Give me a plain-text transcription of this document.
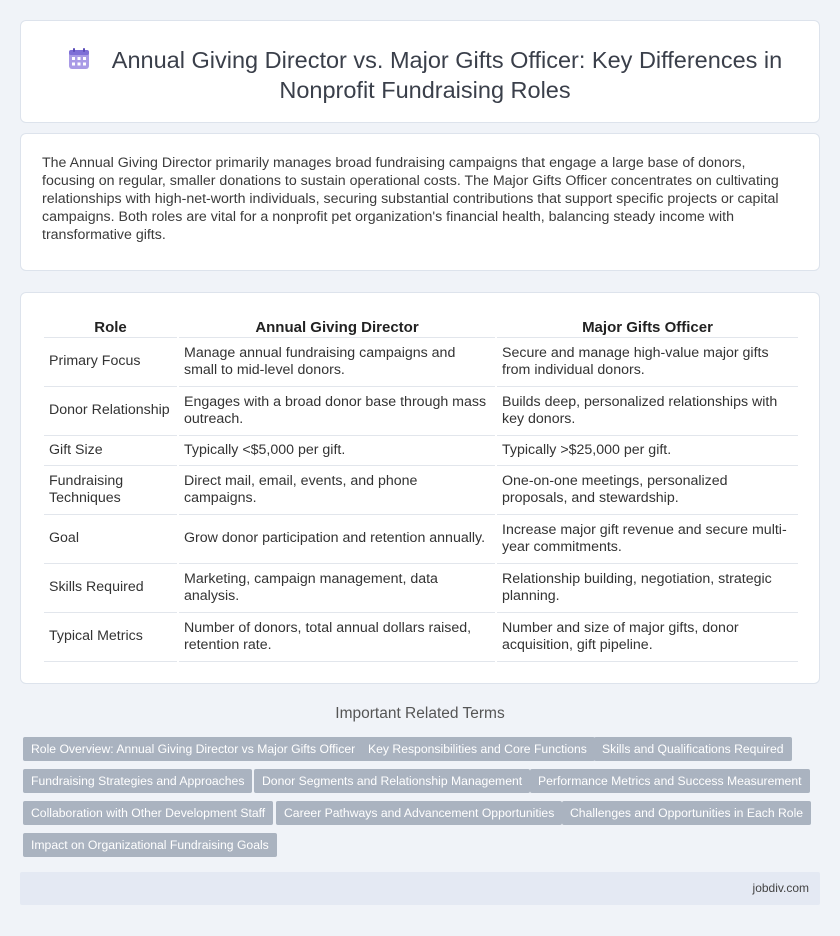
Annual Giving Director vs. Major Gifts Officer: Key Differences in Nonprofit Fundraising Roles

The Annual Giving Director primarily manages broad fundraising campaigns that engage a large base of donors, focusing on regular, smaller donations to sustain operational costs. The Major Gifts Officer concentrates on cultivating relationships with high-net-worth individuals, securing substantial contributions that support specific projects or capital campaigns. Both roles are vital for a nonprofit pet organization's financial health, balancing steady income with transformative gifts.

Role	Annual Giving Director	Major Gifts Officer
Primary Focus	Manage annual fundraising campaigns and small to mid-level donors.	Secure and manage high-value major gifts from individual donors.
Donor Relationship	Engages with a broad donor base through mass outreach.	Builds deep, personalized relationships with key donors.
Gift Size	Typically <$5,000 per gift.	Typically >$25,000 per gift.
Fundraising Techniques	Direct mail, email, events, and phone campaigns.	One-on-one meetings, personalized proposals, and stewardship.
Goal	Grow donor participation and retention annually.	Increase major gift revenue and secure multi-year commitments.
Skills Required	Marketing, campaign management, data analysis.	Relationship building, negotiation, strategic planning.
Typical Metrics	Number of donors, total annual dollars raised, retention rate.	Number and size of major gifts, donor acquisition, gift pipeline.
Important Related Terms
Role Overview: Annual Giving Director vs Major Gifts Officer	Key Responsibilities and Core Functions	Skills and Qualifications Required
Fundraising Strategies and Approaches	Donor Segments and Relationship Management	Performance Metrics and Success Measurement
Collaboration with Other Development Staff	Career Pathways and Advancement Opportunities	Challenges and Opportunities in Each Role
Impact on Organizational Fundraising Goals
jobdiv.com
